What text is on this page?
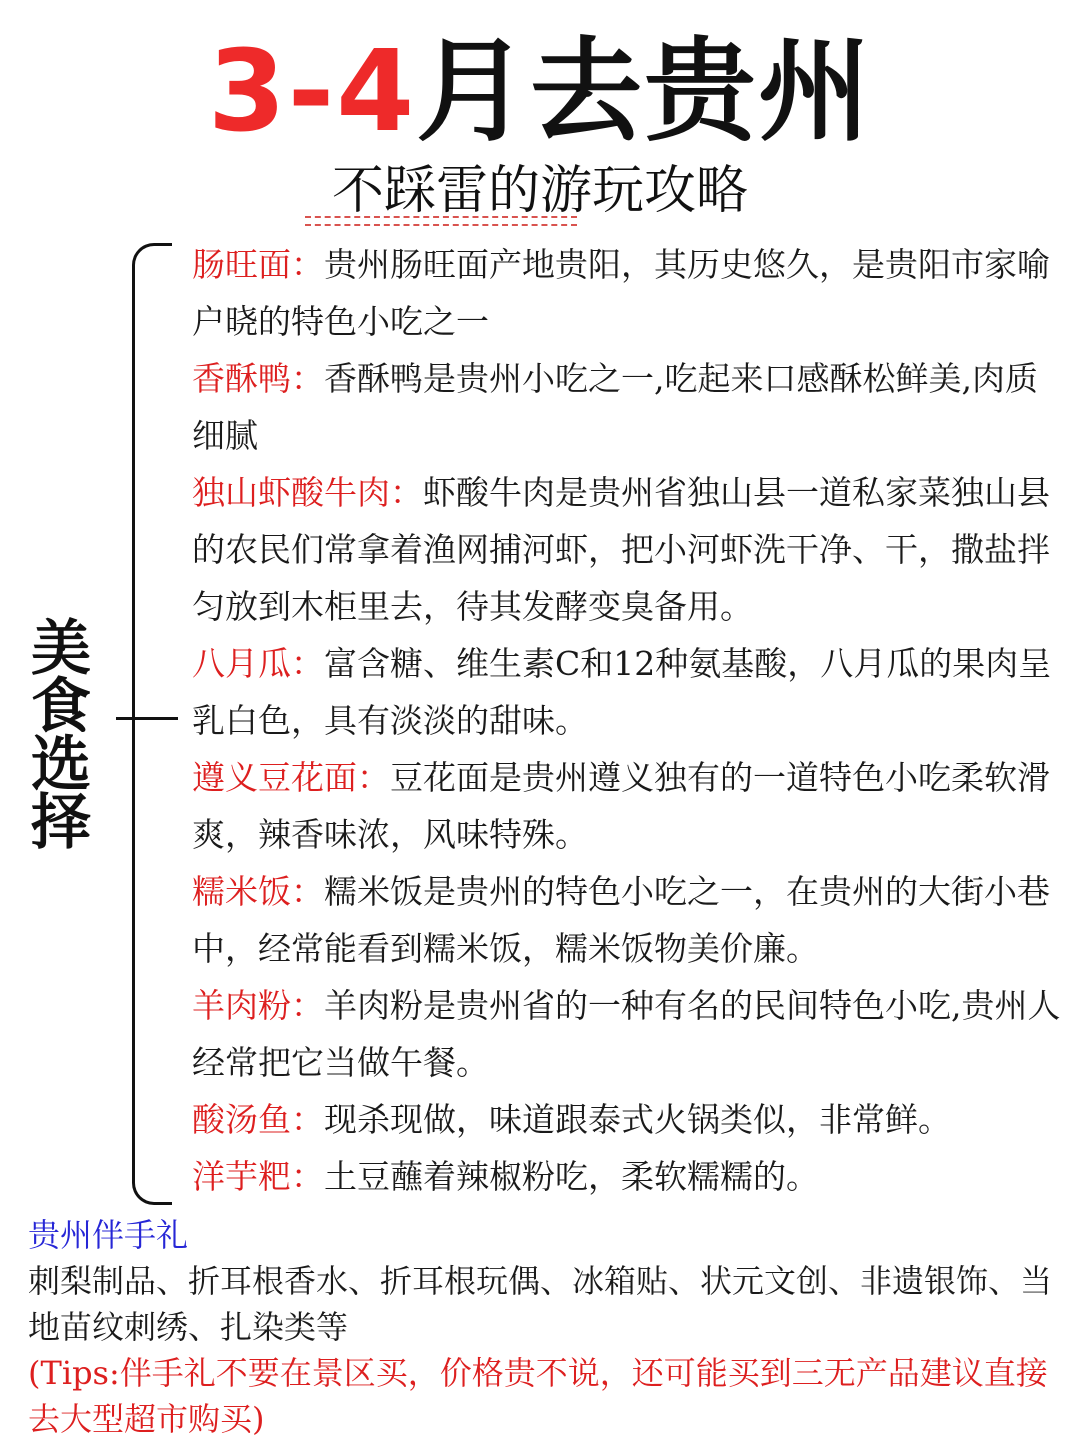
3-4月去贵州
不踩雷的游玩攻略
美
食
选
择

肠旺面：贵州肠旺面产地贵阳，其历史悠久，是贵阳市家喻户晓的特色小吃之一

香酥鸭：香酥鸭是贵州小吃之一,吃起来口感酥松鲜美,肉质细腻

独山虾酸牛肉：虾酸牛肉是贵州省独山县一道私家菜独山县的农民们常拿着渔网捕河虾，把小河虾洗干净、干，撒盐拌匀放到木柜里去，待其发酵变臭备用。

八月瓜：富含糖、维生素C和12种氨基酸，八月瓜的果肉呈乳白色，具有淡淡的甜味。

遵义豆花面：豆花面是贵州遵义独有的一道特色小吃柔软滑爽，辣香味浓，风味特殊。

糯米饭：糯米饭是贵州的特色小吃之一，在贵州的大街小巷中，经常能看到糯米饭，糯米饭物美价廉。

羊肉粉：羊肉粉是贵州省的一种有名的民间特色小吃,贵州人经常把它当做午餐。

酸汤鱼：现杀现做，味道跟泰式火锅类似，非常鲜。

洋芋粑：土豆蘸着辣椒粉吃，柔软糯糯的。

贵州伴手礼
刺梨制品、折耳根香水、折耳根玩偶、冰箱贴、状元文创、非遗银饰、当地苗纹刺绣、扎染类等
(Tips:伴手礼不要在景区买，价格贵不说，还可能买到三无产品建议直接去大型超市购买)
